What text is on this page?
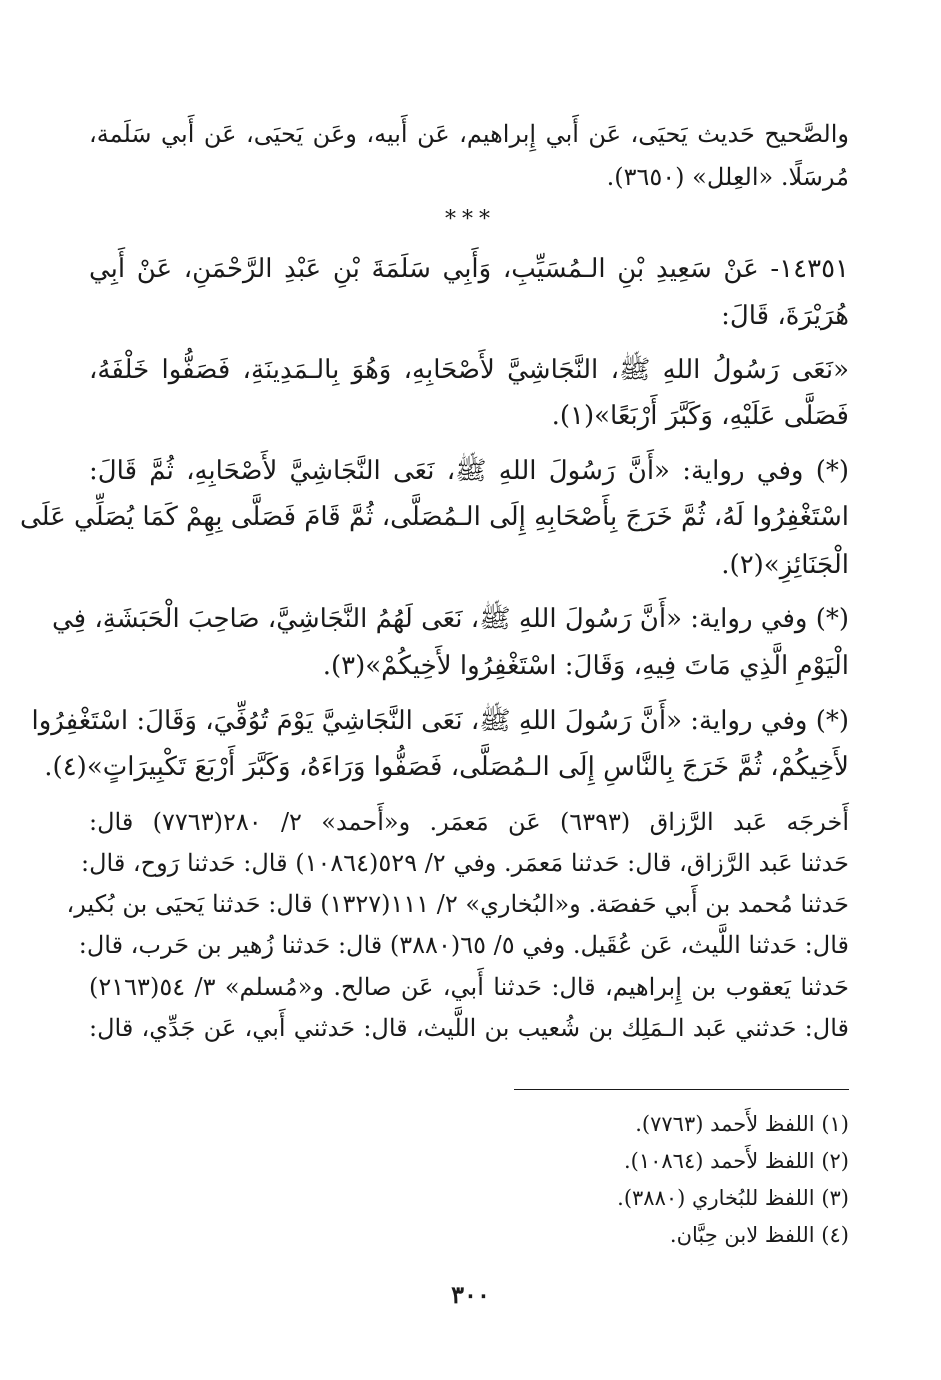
والصَّحيح حَديث يَحيَى، عَن أَبي إِبراهيم، عَن أَبيه، وعَن يَحيَى، عَن أَبي سَلَمة،
مُرسَلًا. «العِلل» (٣٦٥٠).
***
١٤٣٥١- عَنْ سَعِيدِ بْنِ الـمُسَيِّبِ، وَأَبِي سَلَمَةَ بْنِ عَبْدِ الرَّحْمَنِ، عَنْ أَبِي
هُرَيْرَةَ، قَالَ:
«نَعَى رَسُولُ اللهِ ﷺ، النَّجَاشِيَّ لأَصْحَابِهِ، وَهُوَ بِالـمَدِينَةِ، فَصَفُّوا خَلْفَهُ،
فَصَلَّى عَلَيْهِ، وَكَبَّرَ أَرْبَعًا»(١).
(*) وفي رواية: «أَنَّ رَسُولَ اللهِ ﷺ، نَعَى النَّجَاشِيَّ لأَصْحَابِهِ، ثُمَّ قَالَ:
اسْتَغْفِرُوا لَهُ، ثُمَّ خَرَجَ بِأَصْحَابِهِ إِلَى الـمُصَلَّى، ثُمَّ قَامَ فَصَلَّى بِهِمْ كَمَا يُصَلِّي عَلَى
الْجَنَائِزِ»(٢).
(*) وفي رواية: «أَنَّ رَسُولَ اللهِ ﷺ، نَعَى لَهُمُ النَّجَاشِيَّ، صَاحِبَ الْحَبَشَةِ، فِي
الْيَوْمِ الَّذِي مَاتَ فِيهِ، وَقَالَ: اسْتَغْفِرُوا لأَخِيكُمْ»(٣).
(*) وفي رواية: «أَنَّ رَسُولَ اللهِ ﷺ، نَعَى النَّجَاشِيَّ يَوْمَ تُوُفِّيَ، وَقَالَ: اسْتَغْفِرُوا
لأَخِيكُمْ، ثُمَّ خَرَجَ بِالنَّاسِ إِلَى الـمُصَلَّى، فَصَفُّوا وَرَاءَهُ، وَكَبَّرَ أَرْبَعَ تَكْبِيرَاتٍ»(٤).
أَخرجَه عَبد الرَّزاق (٦٣٩٣) عَن مَعمَر. و«أَحمد» ٢/ ٢٨٠(٧٧٦٣) قال:
حَدثنا عَبد الرَّزاق، قال: حَدثنا مَعمَر. وفي ٢/ ٥٢٩(١٠٨٦٤) قال: حَدثنا رَوح، قال:
حَدثنا مُحمد بن أَبي حَفصَة. و«البُخاري» ٢/ ١١١(١٣٢٧) قال: حَدثنا يَحيَى بن بُكير،
قال: حَدثنا اللَّيث، عَن عُقَيل. وفي ٥/ ٦٥(٣٨٨٠) قال: حَدثنا زُهير بن حَرب، قال:
حَدثنا يَعقوب بن إِبراهيم، قال: حَدثنا أَبي، عَن صالح. و«مُسلم» ٣/ ٥٤(٢١٦٣)
قال: حَدثني عَبد الـمَلِك بن شُعيب بن اللَّيث، قال: حَدثني أَبي، عَن جَدِّي، قال:
(١) اللفظ لأَحمد (٧٧٦٣).
(٢) اللفظ لأَحمد (١٠٨٦٤).
(٣) اللفظ للبُخاري (٣٨٨٠).
(٤) اللفظ لابن حِبَّان.
٣٠٠
